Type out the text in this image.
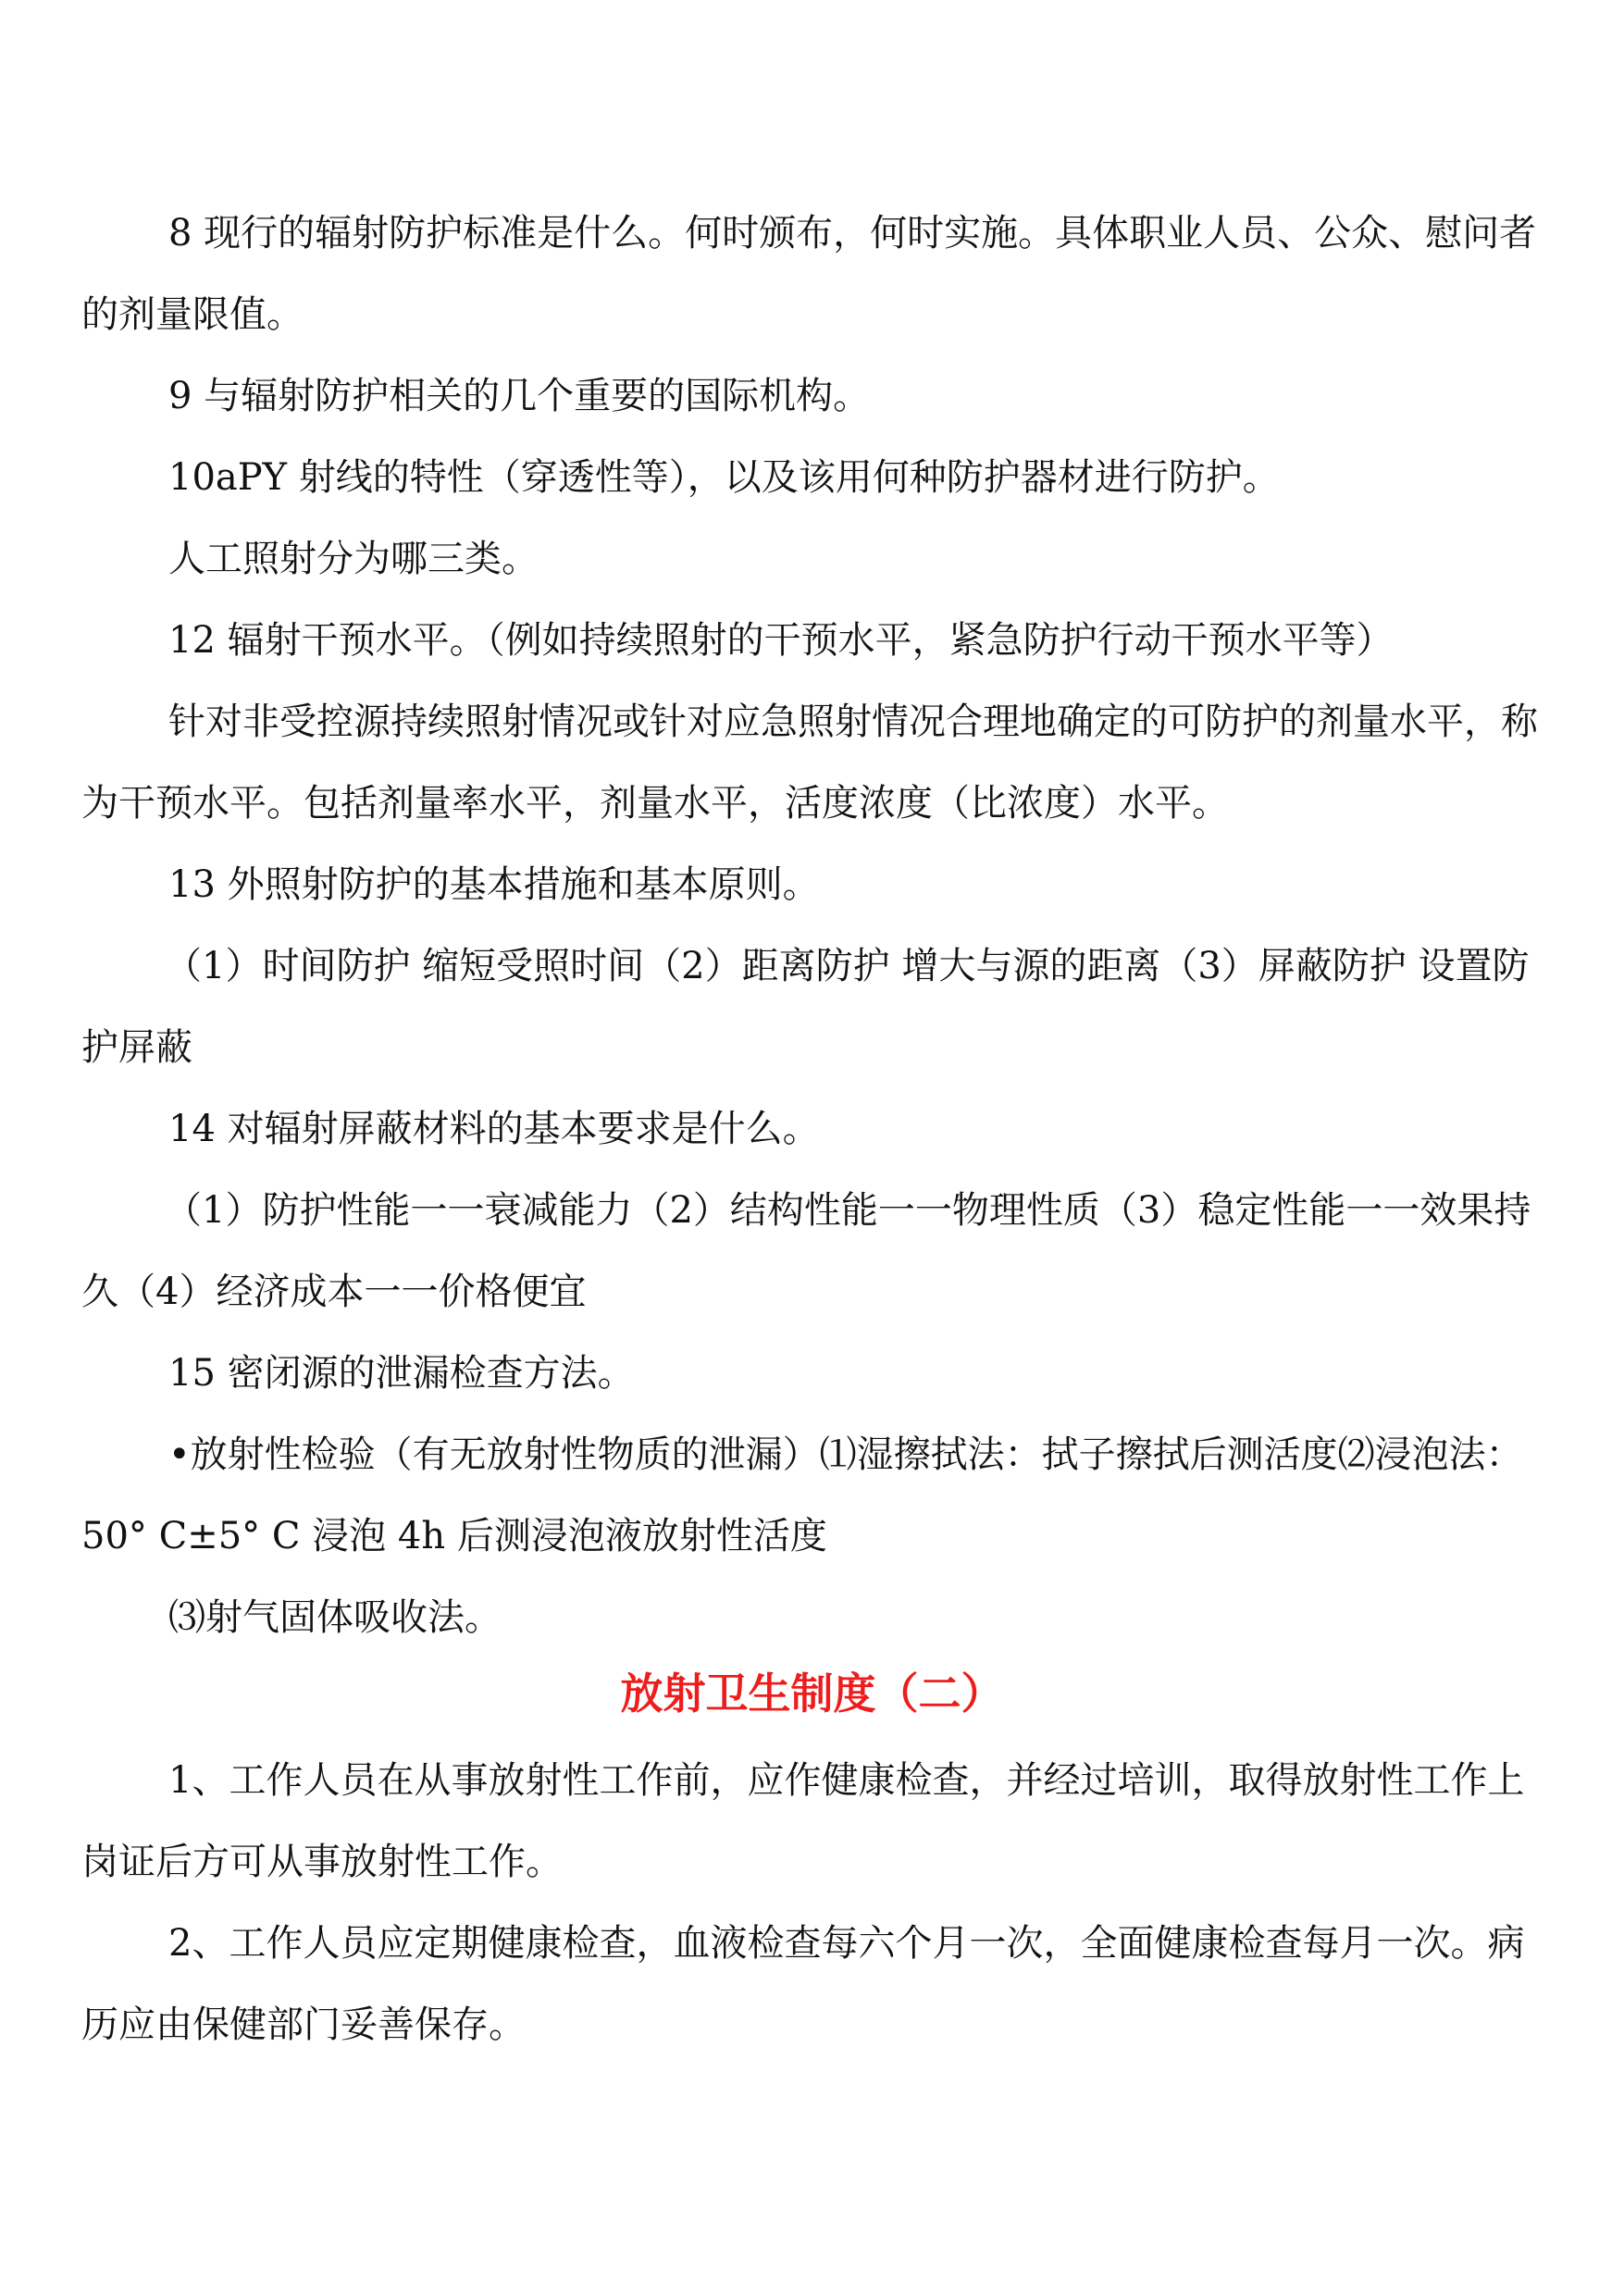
8 现行的辐射防护标准是什么。何时颁布，何时实施。具体职业人员、公众、慰问者的剂量限值。

9 与辐射防护相关的几个重要的国际机构。

10aPY 射线的特性（穿透性等），以及该用何种防护器材进行防护。

人工照射分为哪三类。

12 辐射干预水平。（例如持续照射的干预水平，紧急防护行动干预水平等）

针对非受控源持续照射情况或针对应急照射情况合理地确定的可防护的剂量水平，称为干预水平。包括剂量率水平，剂量水平，活度浓度（比浓度）水平。

13 外照射防护的基本措施和基本原则。

（1）时间防护 缩短受照时间（2）距离防护 增大与源的距离（3）屏蔽防护 设置防护屏蔽

14 对辐射屏蔽材料的基本要求是什么。

（1）防护性能一一衰减能力（2）结构性能一一物理性质（3）稳定性能一一效果持久（4）经济成本一一价格便宜

15 密闭源的泄漏检查方法。

•放射性检验（有无放射性物质的泄漏）⑴湿擦拭法：拭子擦拭后测活度⑵浸泡法：50° C±5° C 浸泡 4h 后测浸泡液放射性活度

⑶射气固体吸收法。

放射卫生制度（二）

1、工作人员在从事放射性工作前，应作健康检查，并经过培训，取得放射性工作上岗证后方可从事放射性工作。

2、工作人员应定期健康检查，血液检查每六个月一次，全面健康检查每月一次。病历应由保健部门妥善保存。
